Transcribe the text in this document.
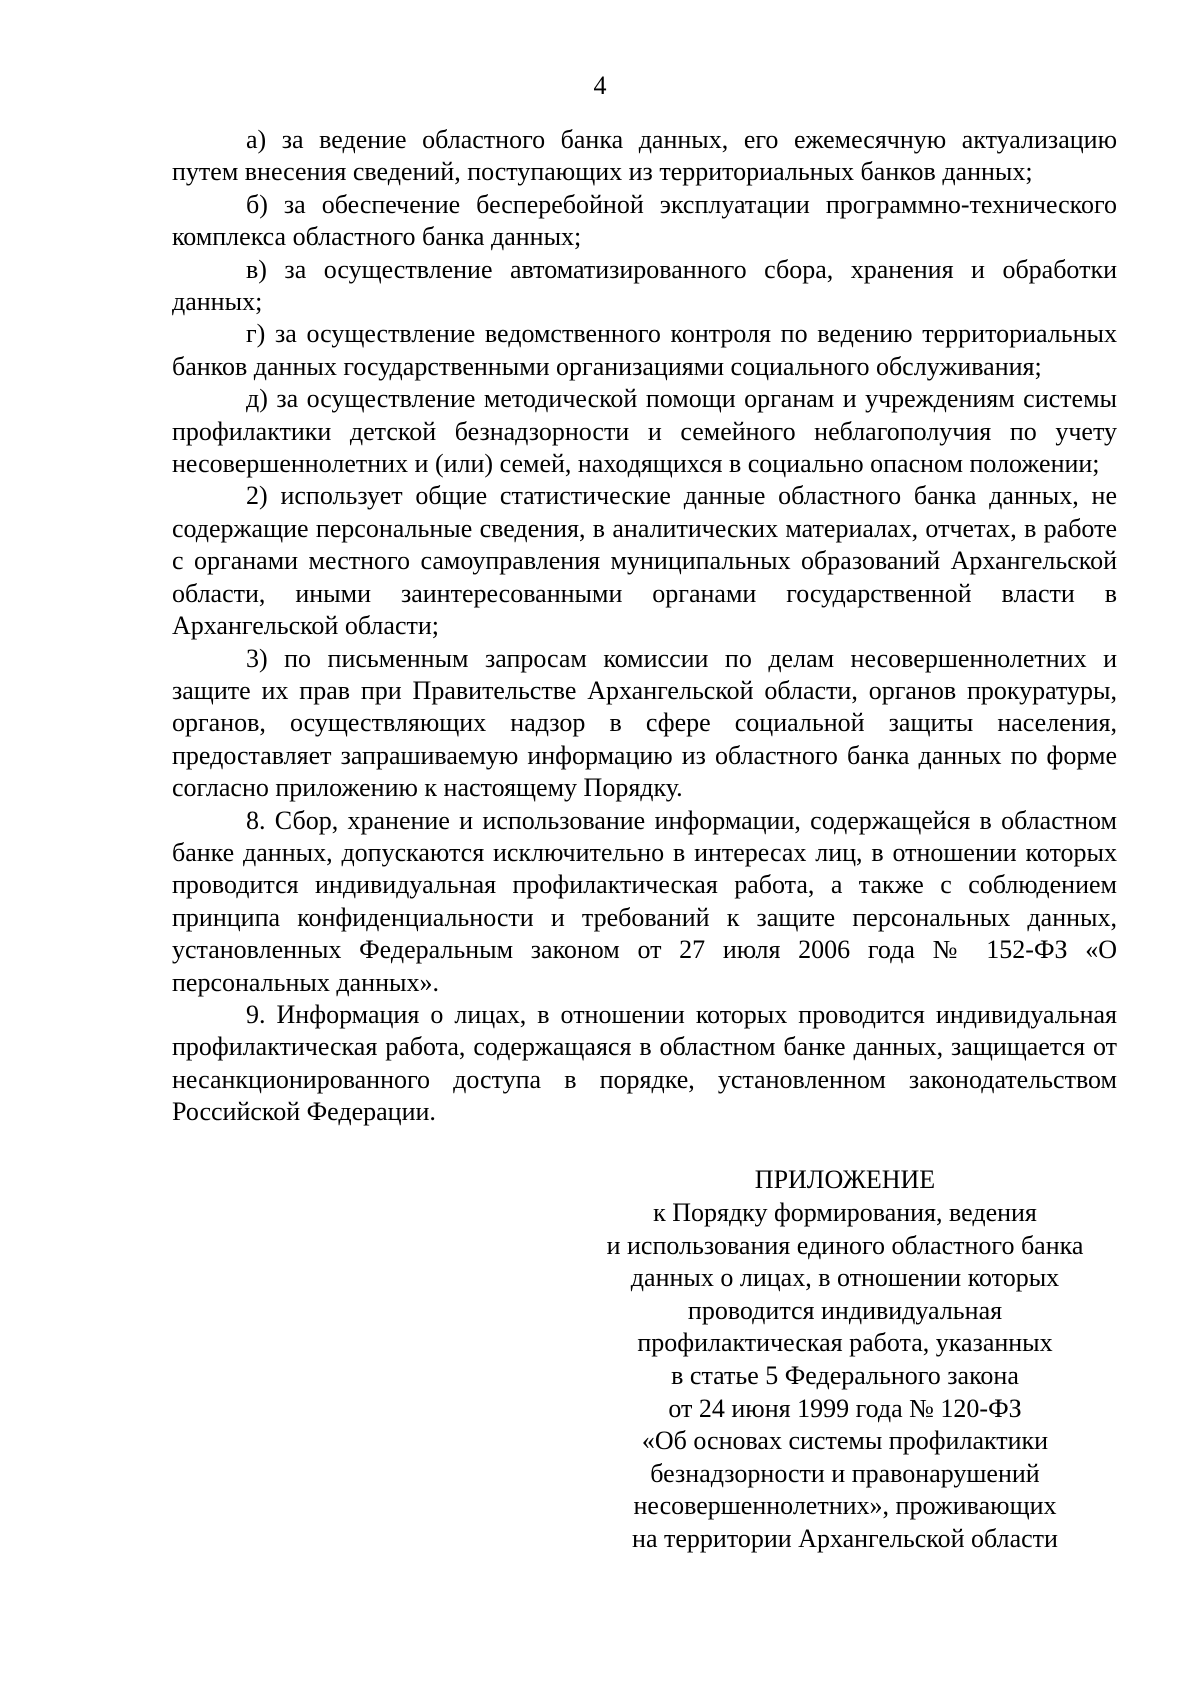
4

а) за ведение областного банка данных, его ежемесячную актуализацию путем внесения сведений, поступающих из территориальных банков данных;

б) за обеспечение бесперебойной эксплуатации программно-технического комплекса областного банка данных;

в) за осуществление автоматизированного сбора, хранения и обработки данных;

г) за осуществление ведомственного контроля по ведению территориальных банков данных государственными организациями социального обслуживания;

д) за осуществление методической помощи органам и учреждениям системы профилактики детской безнадзорности и семейного неблагополучия по учету несовершеннолетних и (или) семей, находящихся в социально опасном положении;

2) использует общие статистические данные областного банка данных, не содержащие персональные сведения, в аналитических материалах, отчетах, в работе с органами местного самоуправления муниципальных образований Архангельской области, иными заинтересованными органами государственной власти в Архангельской области;

3) по письменным запросам комиссии по делам несовершеннолетних и защите их прав при Правительстве Архангельской области, органов прокуратуры, органов, осуществляющих надзор в сфере социальной защиты населения, предоставляет запрашиваемую информацию из областного банка данных по форме согласно приложению к настоящему Порядку.

8. Сбор, хранение и использование информации, содержащейся в областном банке данных, допускаются исключительно в интересах лиц, в отношении которых проводится индивидуальная профилактическая работа, а также с соблюдением принципа конфиденциальности и требований к защите персональных данных, установленных Федеральным законом от 27 июля 2006 года № 152-ФЗ «О персональных данных».

9. Информация о лицах, в отношении которых проводится индивидуальная профилактическая работа, содержащаяся в областном банке данных, защищается от несанкционированного доступа в порядке, установленном законодательством Российской Федерации.

ПРИЛОЖЕНИЕ
к Порядку формирования, ведения
и использования единого областного банка
данных о лицах, в отношении которых
проводится индивидуальная
профилактическая работа, указанных
в статье 5 Федерального закона
от 24 июня 1999 года № 120-ФЗ
«Об основах системы профилактики
безнадзорности и правонарушений
несовершеннолетних», проживающих
на территории Архангельской области
